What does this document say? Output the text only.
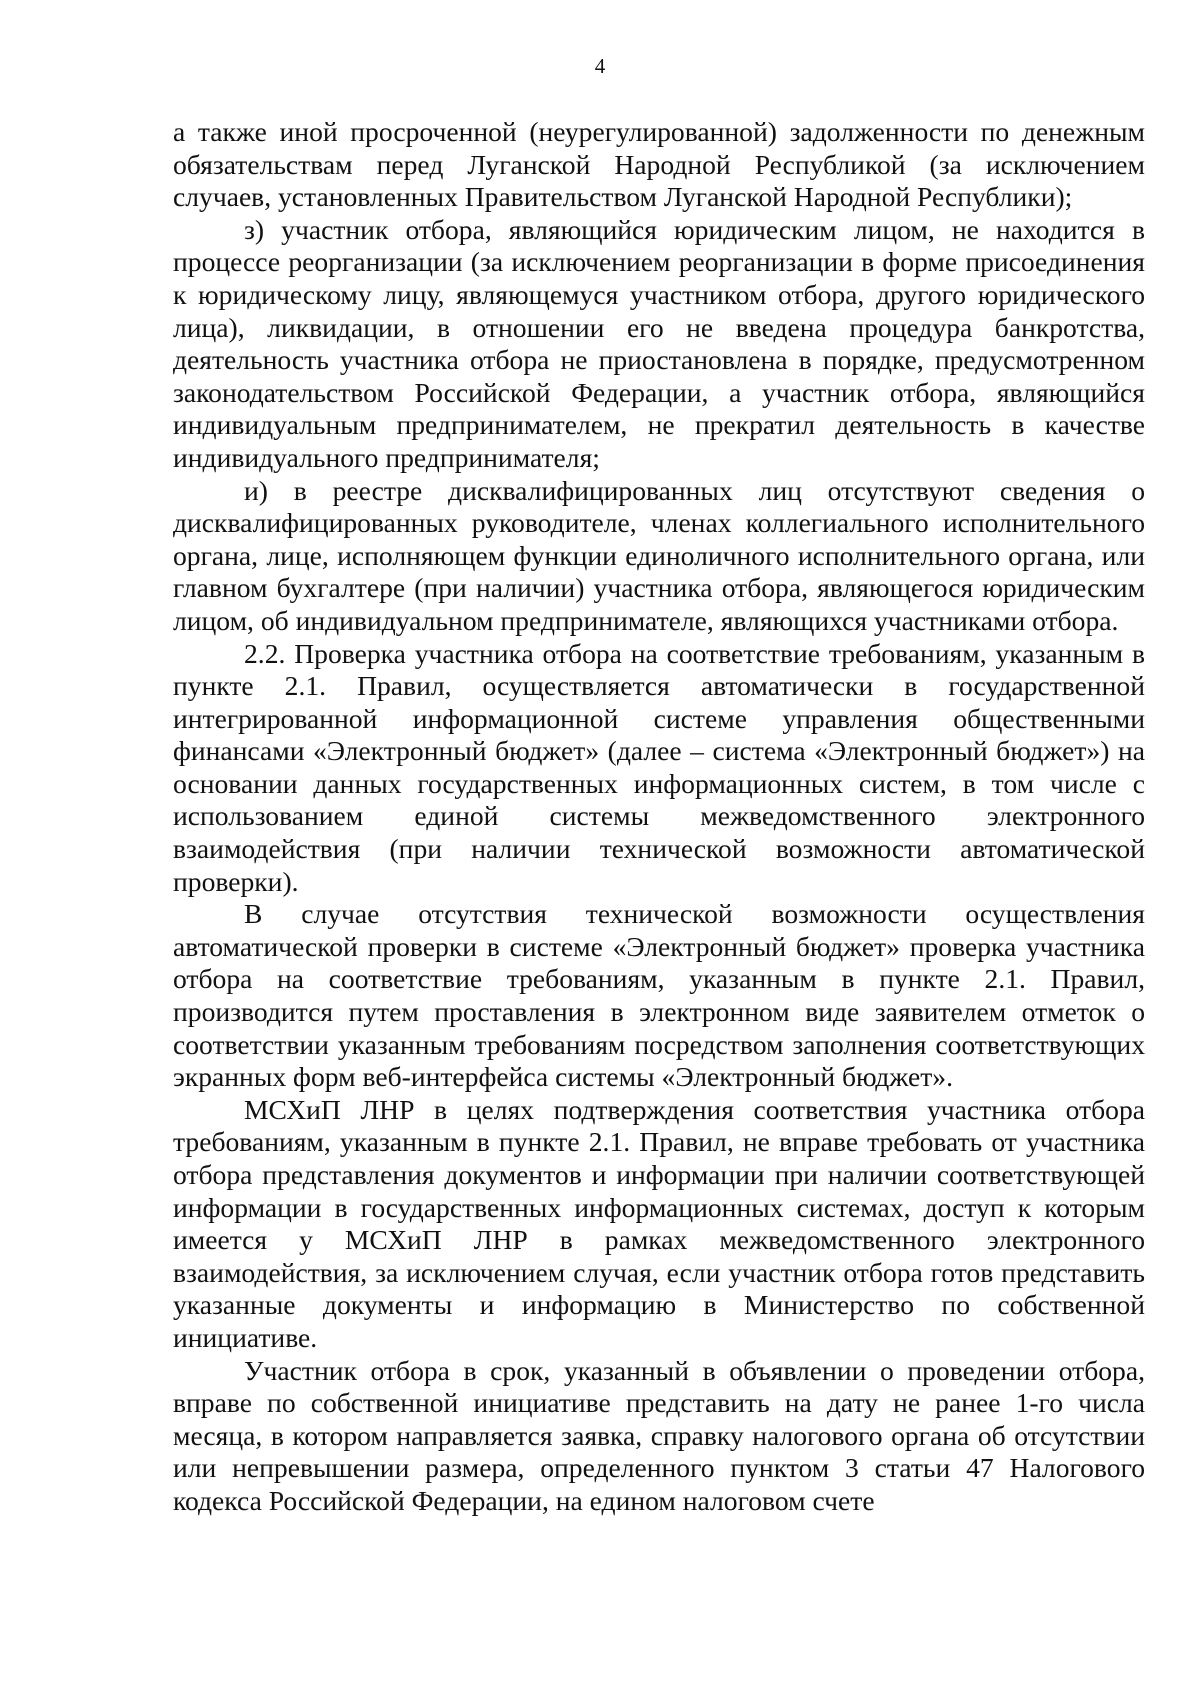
4

а также иной просроченной (неурегулированной) задолженности по денежным обязательствам перед Луганской Народной Республикой (за исключением случаев, установленных Правительством Луганской Народной Республики);

з) участник отбора, являющийся юридическим лицом, не находится в процессе реорганизации (за исключением реорганизации в форме присоединения к юридическому лицу, являющемуся участником отбора, другого юридического лица), ликвидации, в отношении его не введена процедура банкротства, деятельность участника отбора не приостановлена в порядке, предусмотренном законодательством Российской Федерации, а участник отбора, являющийся индивидуальным предпринимателем, не прекратил деятельность в качестве индивидуального предпринимателя;

и) в реестре дисквалифицированных лиц отсутствуют сведения о дисквалифицированных руководителе, членах коллегиального исполнительного органа, лице, исполняющем функции единоличного исполнительного органа, или главном бухгалтере (при наличии) участника отбора, являющегося юридическим лицом, об индивидуальном предпринимателе, являющихся участниками отбора.

2.2. Проверка участника отбора на соответствие требованиям, указанным в пункте 2.1. Правил, осуществляется автоматически в государственной интегрированной информационной системе управления общественными финансами «Электронный бюджет» (далее – система «Электронный бюджет») на основании данных государственных информационных систем, в том числе с использованием единой системы межведомственного электронного взаимодействия (при наличии технической возможности автоматической проверки).

В случае отсутствия технической возможности осуществления автоматической проверки в системе «Электронный бюджет» проверка участника отбора на соответствие требованиям, указанным в пункте 2.1. Правил, производится путем проставления в электронном виде заявителем отметок о соответствии указанным требованиям посредством заполнения соответствующих экранных форм веб-интерфейса системы «Электронный бюджет».

МСХиП ЛНР в целях подтверждения соответствия участника отбора требованиям, указанным в пункте 2.1. Правил, не вправе требовать от участника отбора представления документов и информации при наличии соответствующей информации в государственных информационных системах, доступ к которым имеется у МСХиП ЛНР в рамках межведомственного электронного взаимодействия, за исключением случая, если участник отбора готов представить указанные документы и информацию в Министерство по собственной инициативе.

Участник отбора в срок, указанный в объявлении о проведении отбора, вправе по собственной инициативе представить на дату не ранее 1-го числа месяца, в котором направляется заявка, справку налогового органа об отсутствии или непревышении размера, определенного пунктом 3 статьи 47 Налогового кодекса Российской Федерации, на едином налоговом счете
